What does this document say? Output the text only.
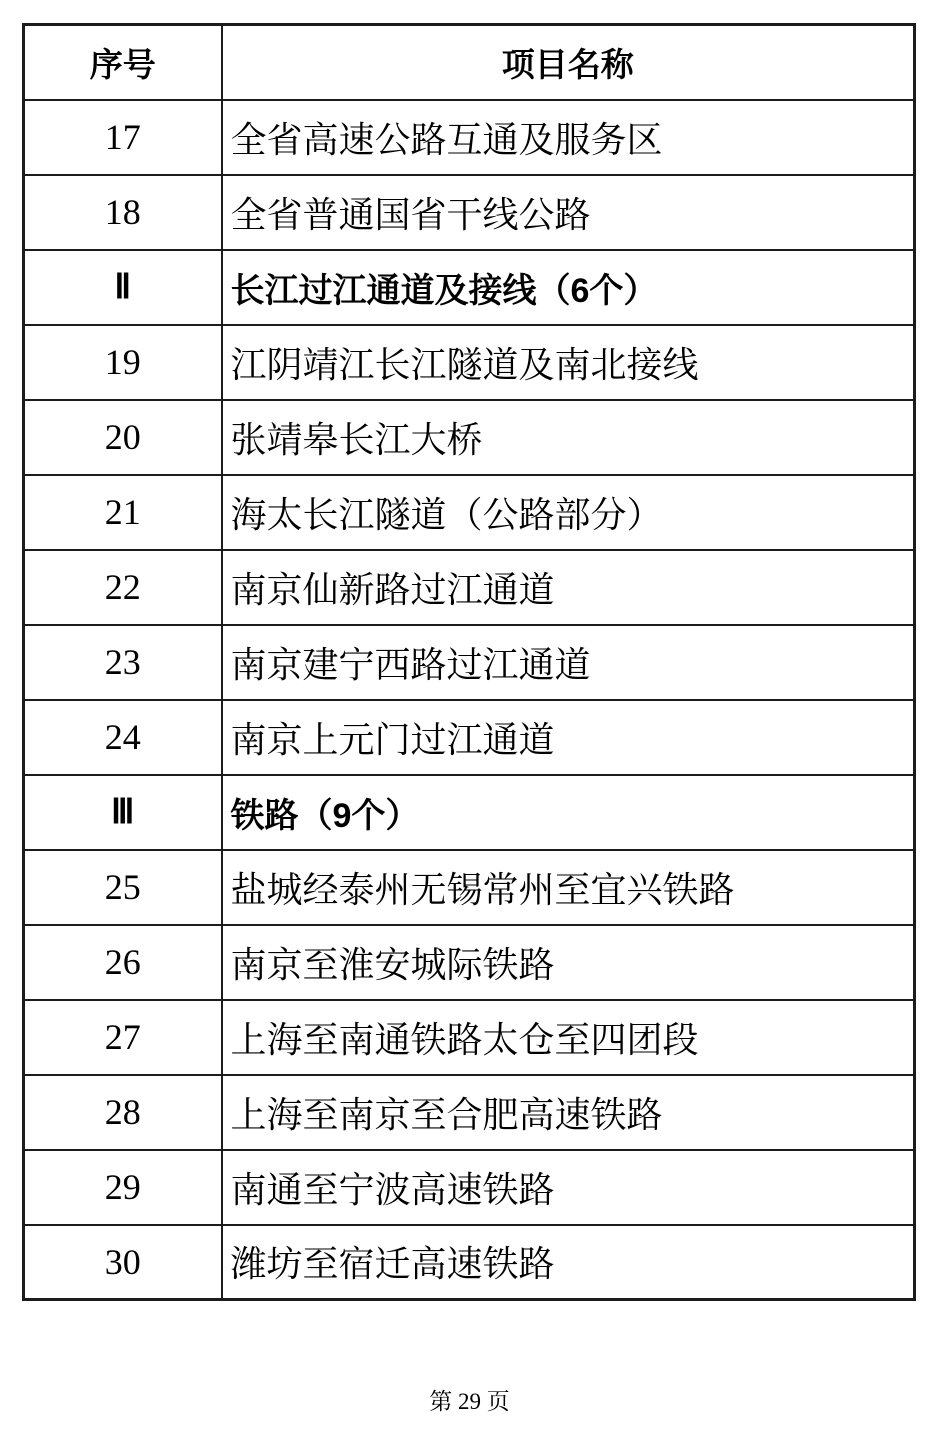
序号	项目名称
17	全省高速公路互通及服务区
18	全省普通国省干线公路
Ⅱ	长江过江通道及接线（6个）
19	江阴靖江长江隧道及南北接线
20	张靖皋长江大桥
21	海太长江隧道（公路部分）
22	南京仙新路过江通道
23	南京建宁西路过江通道
24	南京上元门过江通道
Ⅲ	铁路（9个）
25	盐城经泰州无锡常州至宜兴铁路
26	南京至淮安城际铁路
27	上海至南通铁路太仓至四团段
28	上海至南京至合肥高速铁路
29	南通至宁波高速铁路
30	潍坊至宿迁高速铁路
第 29 页
